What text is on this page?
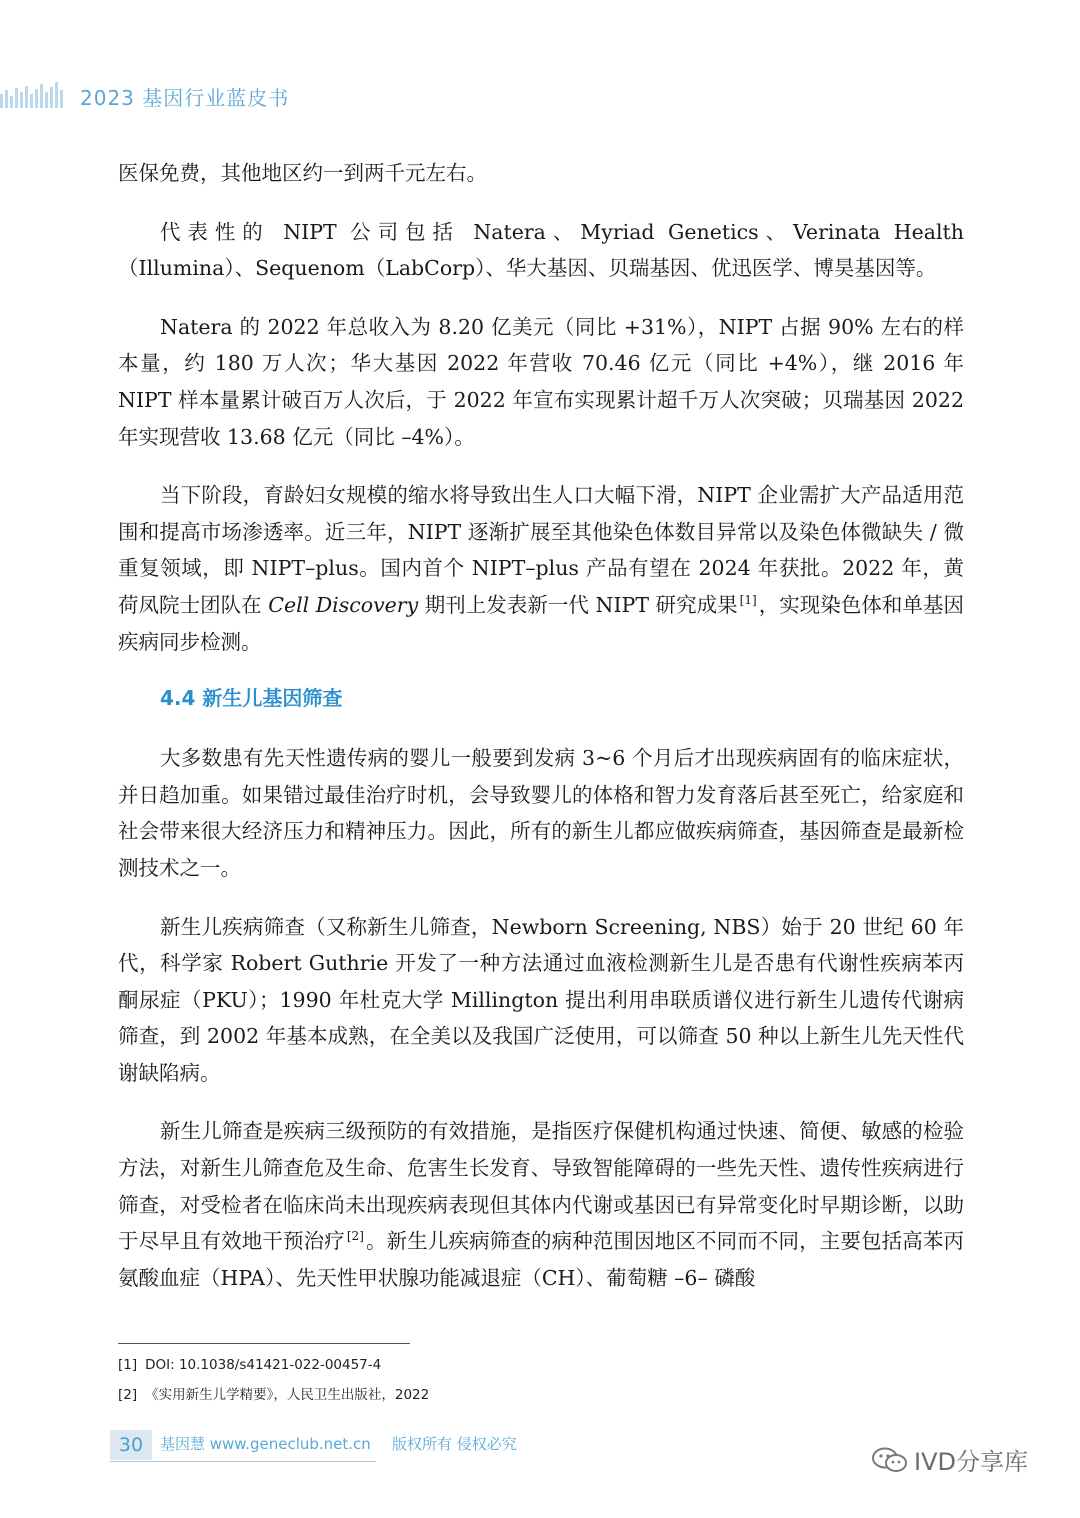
2023 基因行业蓝皮书

医保免费，其他地区约一到两千元左右。

代表性的 NIPT 公司包括 Natera、Myriad Genetics、Verinata Health（Illumina）、Sequenom（LabCorp）、华大基因、贝瑞基因、优迅医学、博昊基因等。

Natera 的 2022 年总收入为 8.20 亿美元（同比 +31%），NIPT 占据 90% 左右的样本量，约 180 万人次；华大基因 2022 年营收 70.46 亿元（同比 +4%），继 2016 年 NIPT 样本量累计破百万人次后，于 2022 年宣布实现累计超千万人次突破；贝瑞基因 2022 年实现营收 13.68 亿元（同比 –4%）。

当下阶段，育龄妇女规模的缩水将导致出生人口大幅下滑，NIPT 企业需扩大产品适用范围和提高市场渗透率。近三年，NIPT 逐渐扩展至其他染色体数目异常以及染色体微缺失 / 微重复领域，即 NIPT–plus。国内首个 NIPT–plus 产品有望在 2024 年获批。2022 年，黄荷凤院士团队在 Cell Discovery 期刊上发表新一代 NIPT 研究成果 [1]，实现染色体和单基因疾病同步检测。

4.4 新生儿基因筛查

大多数患有先天性遗传病的婴儿一般要到发病 3~6 个月后才出现疾病固有的临床症状，并日趋加重。如果错过最佳治疗时机，会导致婴儿的体格和智力发育落后甚至死亡，给家庭和社会带来很大经济压力和精神压力。因此，所有的新生儿都应做疾病筛查，基因筛查是最新检测技术之一。

新生儿疾病筛查（又称新生儿筛查，Newborn Screening, NBS）始于 20 世纪 60 年代，科学家 Robert Guthrie 开发了一种方法通过血液检测新生儿是否患有代谢性疾病苯丙酮尿症（PKU）；1990 年杜克大学 Millington 提出利用串联质谱仪进行新生儿遗传代谢病筛查，到 2002 年基本成熟，在全美以及我国广泛使用，可以筛查 50 种以上新生儿先天性代谢缺陷病。

新生儿筛查是疾病三级预防的有效措施，是指医疗保健机构通过快速、简便、敏感的检验方法，对新生儿筛查危及生命、危害生长发育、导致智能障碍的一些先天性、遗传性疾病进行筛查，对受检者在临床尚未出现疾病表现但其体内代谢或基因已有异常变化时早期诊断，以助于尽早且有效地干预治疗 [2]。新生儿疾病筛查的病种范围因地区不同而不同，主要包括高苯丙氨酸血症（HPA）、先天性甲状腺功能减退症（CH）、葡萄糖 –6– 磷酸

[1] DOI: 10.1038/s41421-022-00457-4
[2] 《实用新生儿学精要》，人民卫生出版社，2022
30	基因慧 www.geneclub.net.cn 版权所有 侵权必究
IVD分享库
